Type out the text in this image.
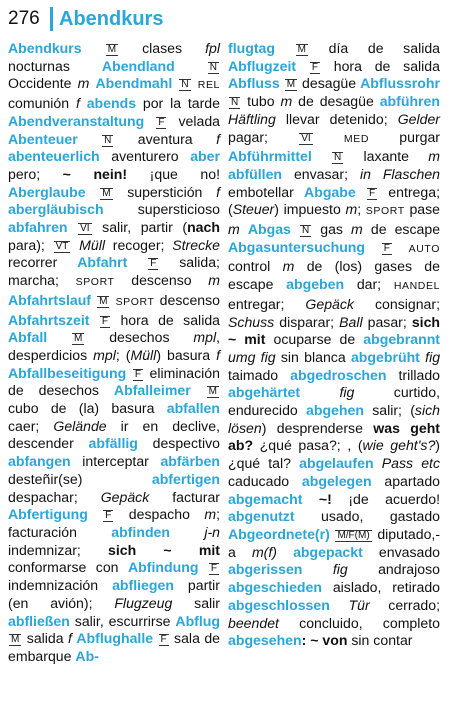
276 Abendkurs

Abendkurs	M clases fpl nocturnas Abendland	N Occidente m Abendmahl N REL comunión f abends por la tarde Abendveranstaltung F velada Abenteuer	N aventura f abenteuerlich aventurero aber pero; ~ nein! ¡que no! Aberglaube M superstición f abergläubisch supersticioso abfahren VI salir, partir (nach para); VT Müll recoger; Strecke recorrer Abfahrt F salida; marcha; SPORT descenso m Abfahrtslauf M SPORT descenso Abfahrtszeit F hora de salida Abfall	M desechos mpl, desperdicios mpl; (Müll) basura f Abfallbeseitigung F eliminación de desechos Abfalleimer M cubo de (la) basura abfallen caer; Gelände ir en declive, descender abfällig despectivo abfangen interceptar abfärben desteñir(se)	abfertigen despachar; Gepäck facturar Abfertigung F despacho m; facturación abfinden j-n indemnizar; sich ~ mit conformarse con Abfindung F indemnización abfliegen partir (en avión); Flugzeug salir abfließen salir, escurrirse Abflug M salida f Abflughalle F sala de embarque Ab-

flugtag M día de salida Abflugzeit F hora de salida Abfluss M desagüe Abflussrohr N tubo m de desagüe abführen Häftling llevar detenido; Gelder pagar;	VI	MED purgar Abführmittel N laxante m abfüllen envasar; in Flaschen embotellar Abgabe F entrega; (Steuer) impuesto m; SPORT pase m Abgas N gas m de escape Abgasuntersuchung F AUTO control m de (los) gases de escape abgeben dar; HANDEL entregar; Gepäck consignar; Schuss disparar; Ball pasar; sich ~ mit ocuparse de abgebrannt umg fig sin blanca abgebrüht fig taimado abgedroschen trillado abgehärtet	fig	curtido, endurecido abgehen salir; (sich lösen) desprenderse was geht ab? ¿qué pasa?; , (wie geht's?) ¿qué tal? abgelaufen Pass etc caducado abgelegen apartado abgemacht ~! ¡de acuerdo! abgenutzt usado, gastado Abgeordnete(r) M/F(M) diputado,-a m(f) abgepackt envasado abgerissen fig andrajoso abgeschieden aislado, retirado abgeschlossen Tür cerrado; beendet concluido, completo abgesehen: ~ von sin contar
